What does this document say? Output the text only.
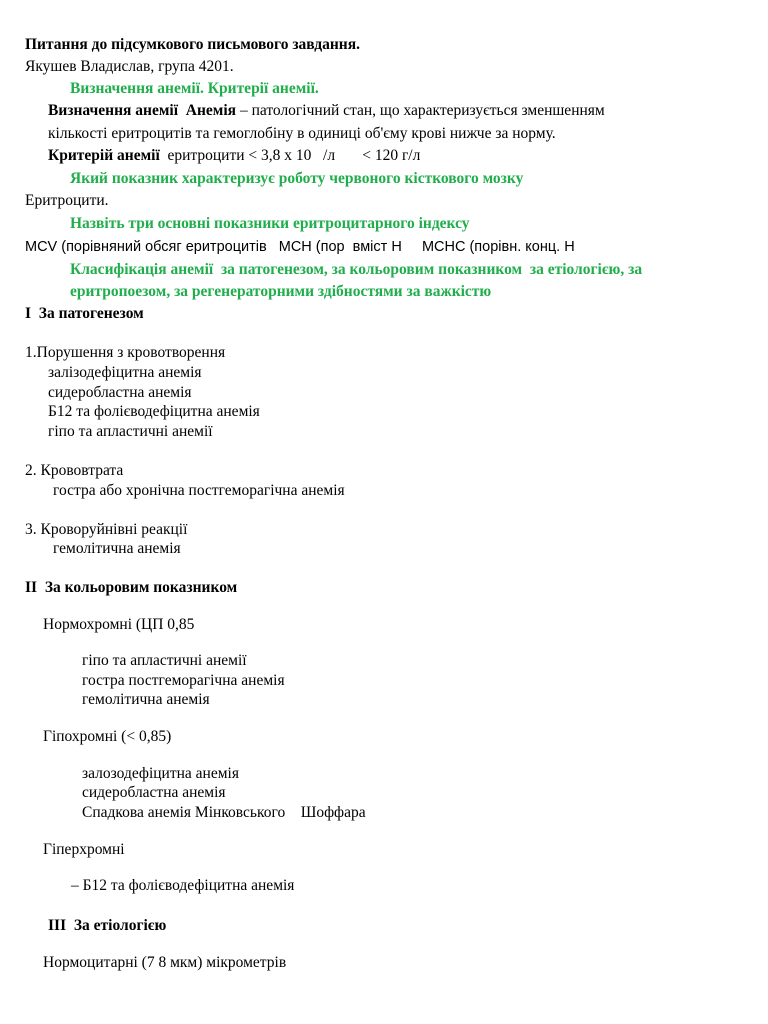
Питання до підсумкового письмового завдання.
Якушев Владислав, група 4201.
Визначення анемії. Критерії анемії.
Визначення анемії Анемія – патологічний стан, що характеризується зменшенням
кількості еритроцитів та гемоглобіну в одиниці об'єму крові нижче за норму.
Критерій анемії еритроцити < 3,8 х 10   /л       < 120 г/л
Який показник характеризує роботу червоного кісткового мозку
Еритроцити.
Назвіть три основні показники еритроцитарного індексу
MCV (порівняний обсяг еритроцитів   MCH (пор  вміст H     MCHC (порівн. конц. H
Класифікація анемії  за патогенезом, за кольоровим показником  за етіологією, за
еритропоезом, за регенераторними здібностями за важкістю
I  За патогенезом
1.Порушення з кровотворення
залізодефіцитна анемія
сидеробластна анемія
Б12 та фолієводефіцитна анемія
гіпо та апластичні анемії
2. Крововтрата
гостра або хронічна постгеморагічна анемія
3. Кроворуйнівні реакції
гемолітична анемія
II  За кольоровим показником
Нормохромні (ЦП 0,85
гіпо та апластичні анемії
гостра постгеморагічна анемія
гемолітична анемія
Гіпохромні (< 0,85)
залозодефіцитна анемія
сидеробластна анемія
Спадкова анемія Мінковського    Шоффара
Гіперхромні
– Б12 та фолієводефіцитна анемія
III  За етіологією
Нормоцитарні (7 8 мкм) мікрометрів
